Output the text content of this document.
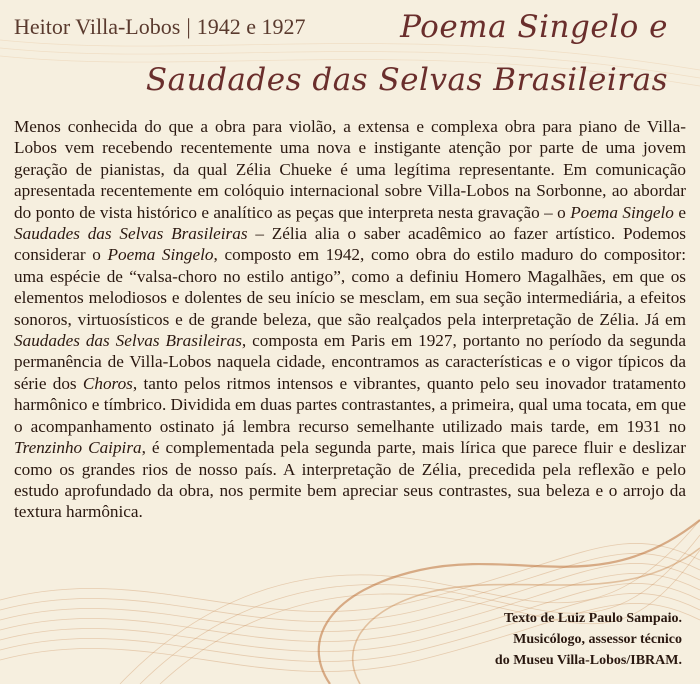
Heitor Villa-Lobos | 1942 e 1927	Poema Singelo e
Saudades das Selvas Brasileiras

Menos conhecida do que a obra para violão, a extensa e complexa obra para piano de Villa-Lobos vem recebendo recentemente uma nova e instigante atenção por parte de uma jovem geração de pianistas, da qual Zélia Chueke é uma legítima representante. Em comunicação apresentada recentemente em colóquio internacional sobre Villa-Lobos na Sorbonne, ao abordar do ponto de vista histórico e analítico as peças que interpreta nesta gravação – o Poema Singelo e Saudades das Selvas Brasileiras – Zélia alia o saber acadêmico ao fazer artístico. Podemos considerar o Poema Singelo, composto em 1942, como obra do estilo maduro do compositor: uma espécie de “valsa-choro no estilo antigo”, como a definiu Homero Magalhães, em que os elementos melodiosos e dolentes de seu início se mesclam, em sua seção intermediária, a efeitos sonoros, virtuosísticos e de grande beleza, que são realçados pela interpretação de Zélia. Já em Saudades das Selvas Brasileiras, composta em Paris em 1927, portanto no período da segunda permanência de Villa-Lobos naquela cidade, encontramos as características e o vigor típicos da série dos Choros, tanto pelos ritmos intensos e vibrantes, quanto pelo seu inovador tratamento harmônico e tímbrico. Dividida em duas partes contrastantes, a primeira, qual uma tocata, em que o acompanhamento ostinato já lembra recurso semelhante utilizado mais tarde, em 1931 no Trenzinho Caipira, é complementada pela segunda parte, mais lírica que parece fluir e deslizar como os grandes rios de nosso país. A interpretação de Zélia, precedida pela reflexão e pelo estudo aprofundado da obra, nos permite bem apreciar seus contrastes, sua beleza e o arrojo da textura harmônica.

Texto de Luiz Paulo Sampaio.
Musicólogo, assessor técnico
do Museu Villa-Lobos/IBRAM.
